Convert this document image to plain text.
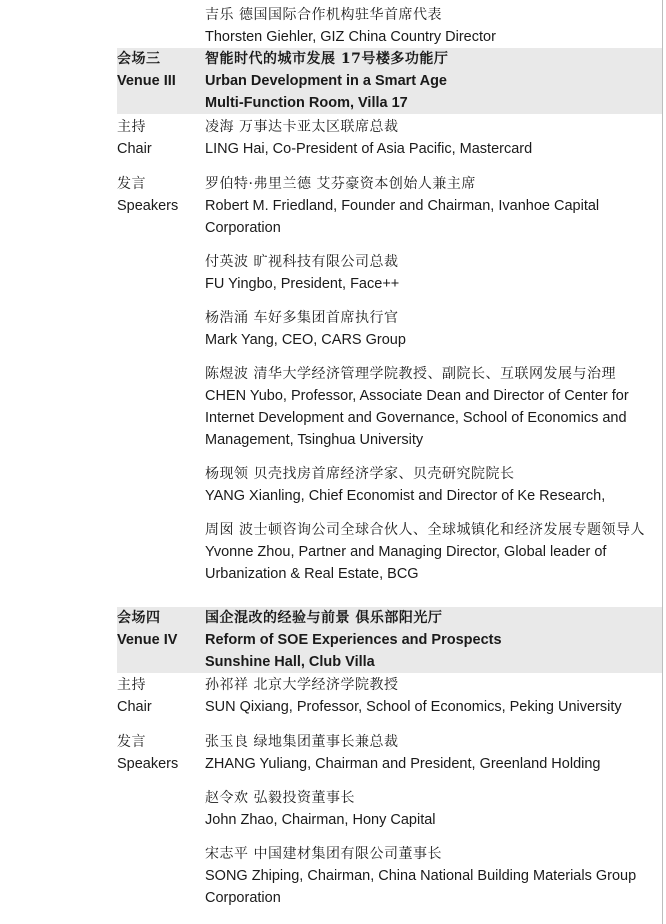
吉乐 德国国际合作机构驻华首席代表

Thorsten Giehler, GIZ China Country Director

会场三

Venue III

智能时代的城市发展 17号楼多功能厅

Urban Development in a Smart Age

Multi-Function Room, Villa 17

主持

Chair

凌海 万事达卡亚太区联席总裁

LING Hai, Co-President of Asia Pacific, Mastercard

发言

Speakers

罗伯特·弗里兰德 艾芬豪资本创始人兼主席

Robert M. Friedland, Founder and Chairman, Ivanhoe Capital Corporation

付英波 旷视科技有限公司总裁

FU Yingbo, President, Face++

杨浩涌 车好多集团首席执行官

Mark Yang, CEO, CARS Group

陈煜波 清华大学经济管理学院教授、副院长、互联网发展与治理

CHEN Yubo, Professor, Associate Dean and Director of Center for Internet Development and Governance, School of Economics and Management, Tsinghua University

杨现领 贝壳找房首席经济学家、贝壳研究院院长

YANG Xianling, Chief Economist and Director of Ke Research,

周囡 波士顿咨询公司全球合伙人、全球城镇化和经济发展专题领导人

Yvonne Zhou, Partner and Managing Director, Global leader of Urbanization & Real Estate, BCG

会场四

Venue IV

国企混改的经验与前景 俱乐部阳光厅

Reform of SOE Experiences and Prospects

Sunshine Hall, Club Villa

主持

Chair

孙祁祥 北京大学经济学院教授

SUN Qixiang, Professor, School of Economics, Peking University

发言

Speakers

张玉良 绿地集团董事长兼总裁

ZHANG Yuliang, Chairman and President, Greenland Holding

赵令欢 弘毅投资董事长

John Zhao, Chairman, Hony Capital

宋志平 中国建材集团有限公司董事长

SONG Zhiping, Chairman, China National Building Materials Group Corporation
